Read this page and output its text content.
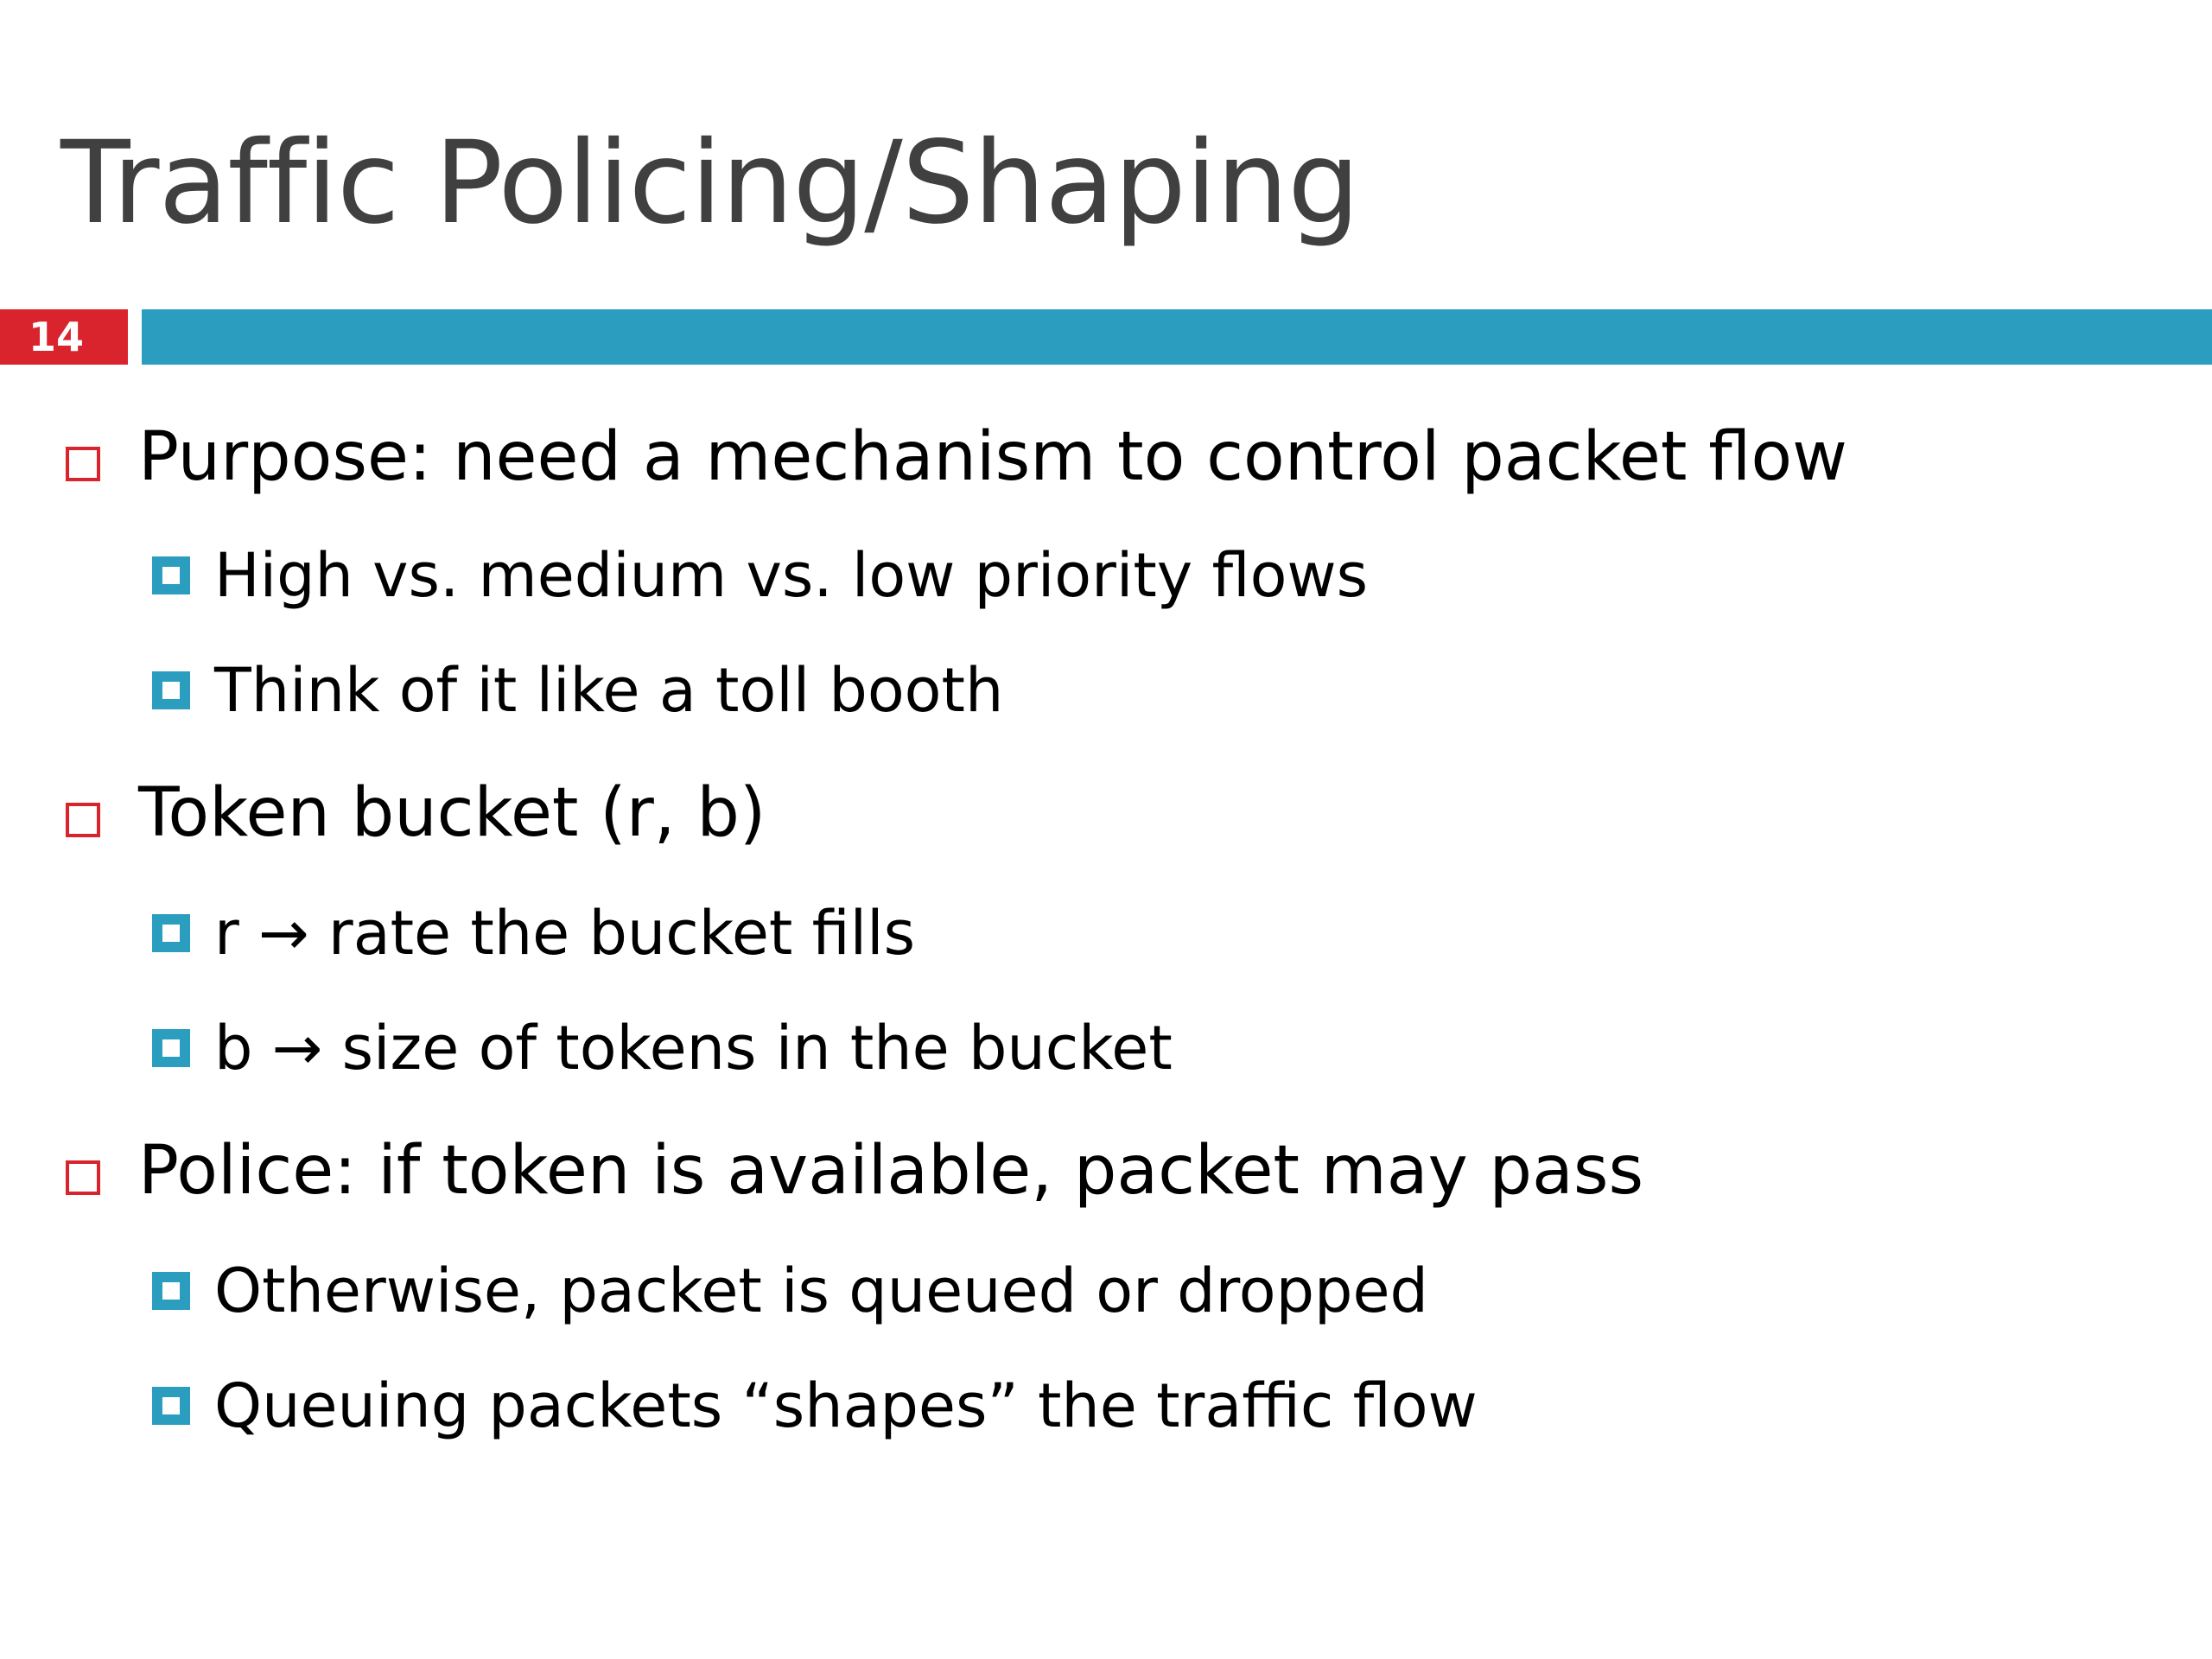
Traffic Policing/Shaping
14
Purpose: need a mechanism to control packet flow
High vs. medium vs. low priority flows
Think of it like a toll booth
Token bucket (r, b)
r → rate the bucket fills
b → size of tokens in the bucket
Police: if token is available, packet may pass
Otherwise, packet is queued or dropped
Queuing packets “shapes” the traffic flow
